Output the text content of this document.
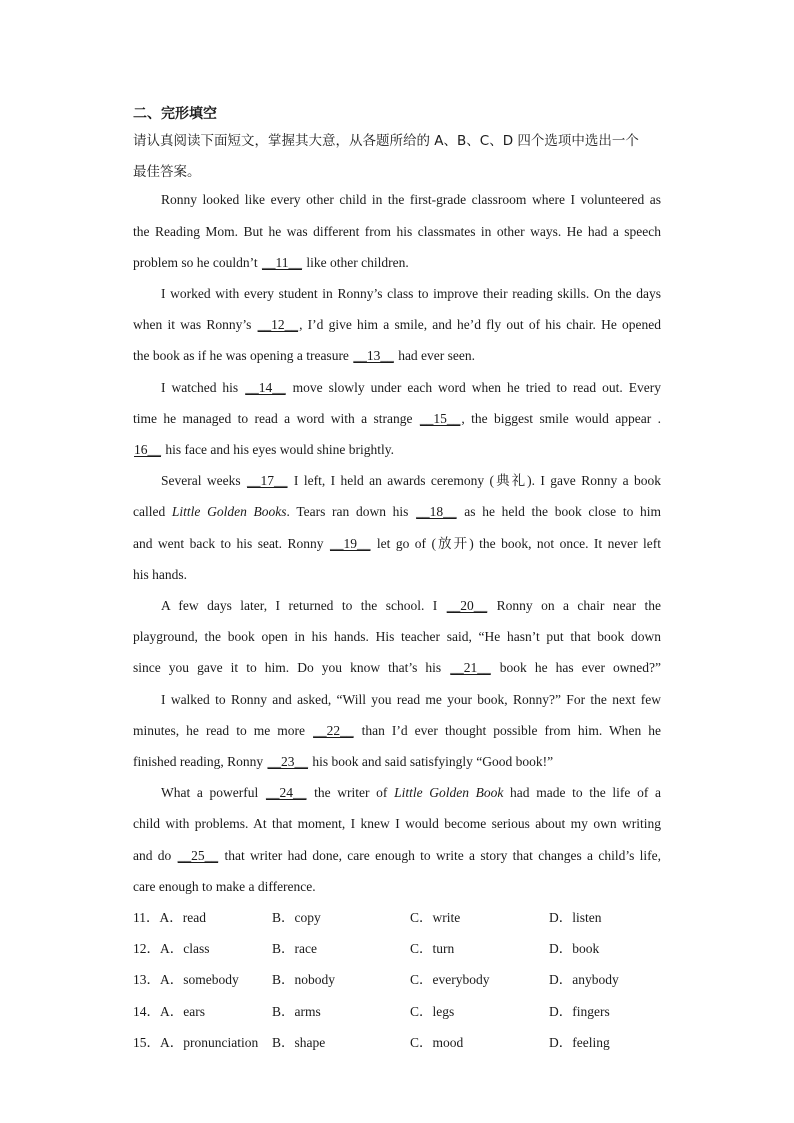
二、完形填空
请认真阅读下面短文，掌握其大意，从各题所给的 A、B、C、D 四个选项中选出一个
最佳答案。
Ronny looked like every other child in the first-grade classroom where I volunteered as
the Reading Mom. But he was different from his classmates in other ways. He had a speech
problem so he couldn’t __11__ like other children.
I worked with every student in Ronny’s class to improve their reading skills. On the days
when it was Ronny’s __12__, I’d give him a smile, and he’d fly out of his chair. He opened
the book as if he was opening a treasure __13__ had ever seen.
I watched his __14__ move slowly under each word when he tried to read out. Every
time he managed to read a word with a strange __15__, the biggest smile would appear .
16__ his face and his eyes would shine brightly.
Several weeks __17__ I left, I held an awards ceremony (典礼). I gave Ronny a book
called Little Golden Books. Tears ran down his __18__ as he held the book close to him
and went back to his seat. Ronny __19__ let go of (放开) the book, not once. It never left
his hands.
A few days later, I returned to the school. I __20__ Ronny on a chair near the
playground, the book open in his hands. His teacher said, “He hasn’t put that book down
since you gave it to him. Do you know that’s his __21__ book he has ever owned?”
I walked to Ronny and asked, “Will you read me your book, Ronny?” For the next few
minutes, he read to me more __22__ than I’d ever thought possible from him. When he
finished reading, Ronny __23__ his book and said satisfyingly “Good book!”
What a powerful __24__ the writer of Little Golden Book had made to the life of a
child with problems. At that moment, I knew I would become serious about my own writing
and do __25__ that writer had done, care enough to write a story that changes a child’s life,
care enough to make a difference.
11．A．read	B．copy	C．write	D．listen
12．A．class	B．race	C．turn	D．book
13．A．somebody B．nobody	C．everybody	D．anybody
14．A．ears	B．arms	C．legs	D．fingers
15．A．pronunciation B．shape	C．mood	D．feeling
